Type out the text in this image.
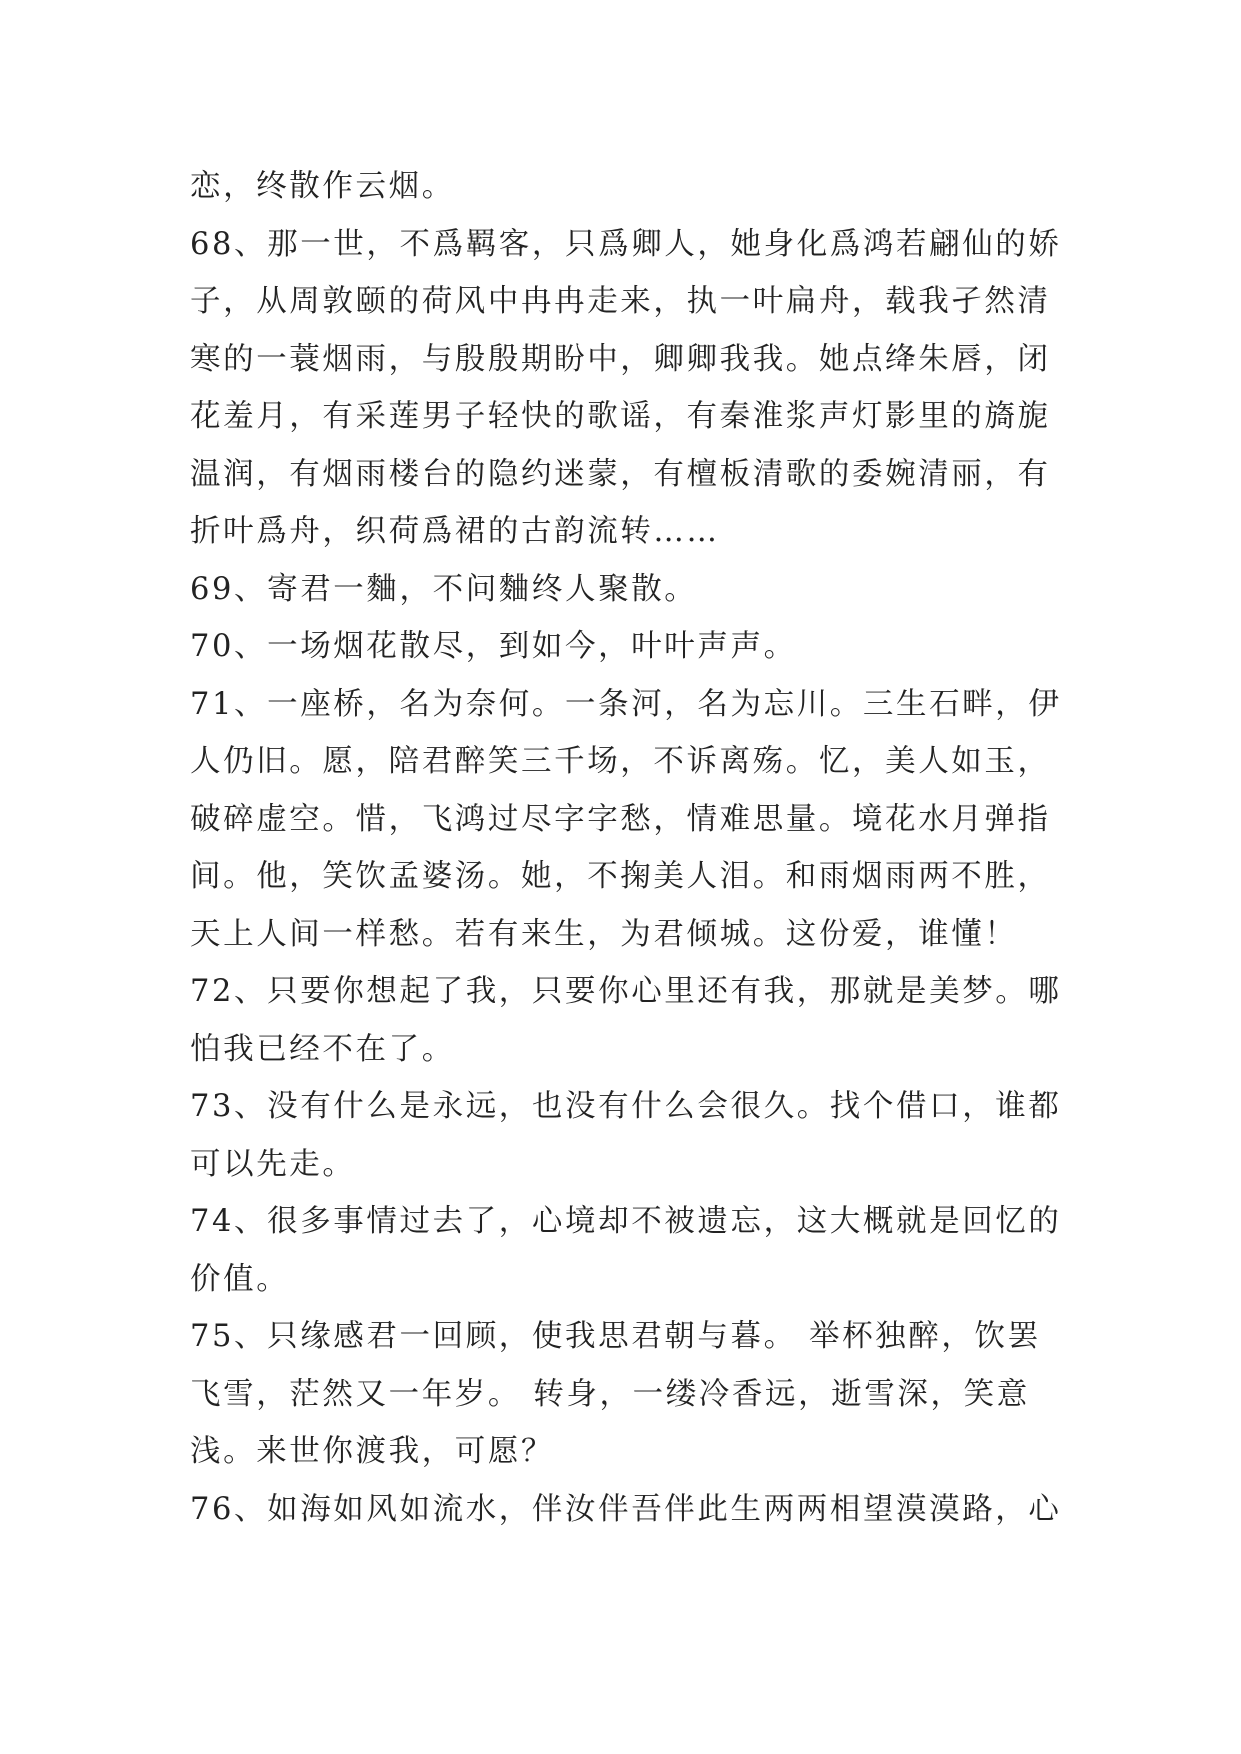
恋，终散作云烟。
68、那一世，不爲羁客，只爲卿人，她身化爲鸿若翩仙的娇
子，从周敦颐的荷风中冉冉走来，执一叶扁舟，载我孑然清
寒的一蓑烟雨，与殷殷期盼中，卿卿我我。她点绛朱唇，闭
花羞月，有采莲男子轻快的歌谣，有秦淮浆声灯影里的旖旎
温润，有烟雨楼台的隐约迷蒙，有檀板清歌的委婉清丽，有
折叶爲舟，织荷爲裙的古韵流转……
69、寄君一麯，不问麯终人聚散。
70、一场烟花散尽，到如今，叶叶声声。
71、一座桥，名为奈何。一条河，名为忘川。三生石畔，伊
人仍旧。愿，陪君醉笑三千场，不诉离殇。忆，美人如玉，
破碎虚空。惜，飞鸿过尽字字愁，情难思量。境花水月弹指
间。他，笑饮孟婆汤。她，不掬美人泪。和雨烟雨两不胜，
天上人间一样愁。若有来生，为君倾城。这份爱，谁懂！
72、只要你想起了我，只要你心里还有我，那就是美梦。哪
怕我已经不在了。
73、没有什么是永远，也没有什么会很久。找个借口，谁都
可以先走。
74、很多事情过去了，心境却不被遗忘，这大概就是回忆的
价值。
75、只缘感君一回顾，使我思君朝与暮。 举杯独醉，饮罢
飞雪，茫然又一年岁。 转身，一缕冷香远，逝雪深，笑意
浅。来世你渡我，可愿？
76、如海如风如流水，伴汝伴吾伴此生两两相望漠漠路，心
